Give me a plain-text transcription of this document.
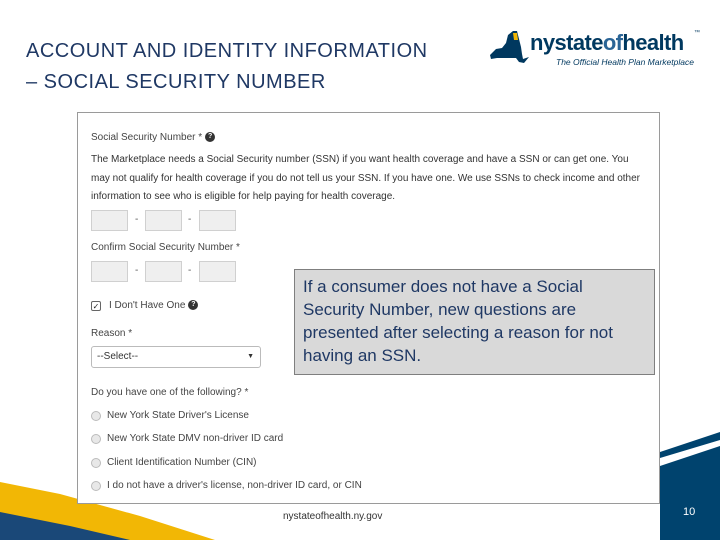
ACCOUNT AND IDENTITY INFORMATION
– SOCIAL SECURITY NUMBER
nystateofhealth ™
The Official Health Plan Marketplace
Social Security Number * ?
The Marketplace needs a Social Security number (SSN) if you want health coverage and have a SSN or can get one. You may not qualify for health coverage if you do not tell us your SSN. If you have one. We use SSNs to check income and other information to see who is eligible for help paying for health coverage.
-	-
Confirm Social Security Number *
-	-
✓ I Don't Have One ?
Reason *
--Select--	▼
Do you have one of the following? *
New York State Driver's License
New York State DMV non-driver ID card
Client Identification Number (CIN)
I do not have a driver's license, non-driver ID card, or CIN
If a consumer does not have a Social Security Number, new questions are presented after selecting a reason for not having an SSN.
nystateofhealth.ny.gov	10
